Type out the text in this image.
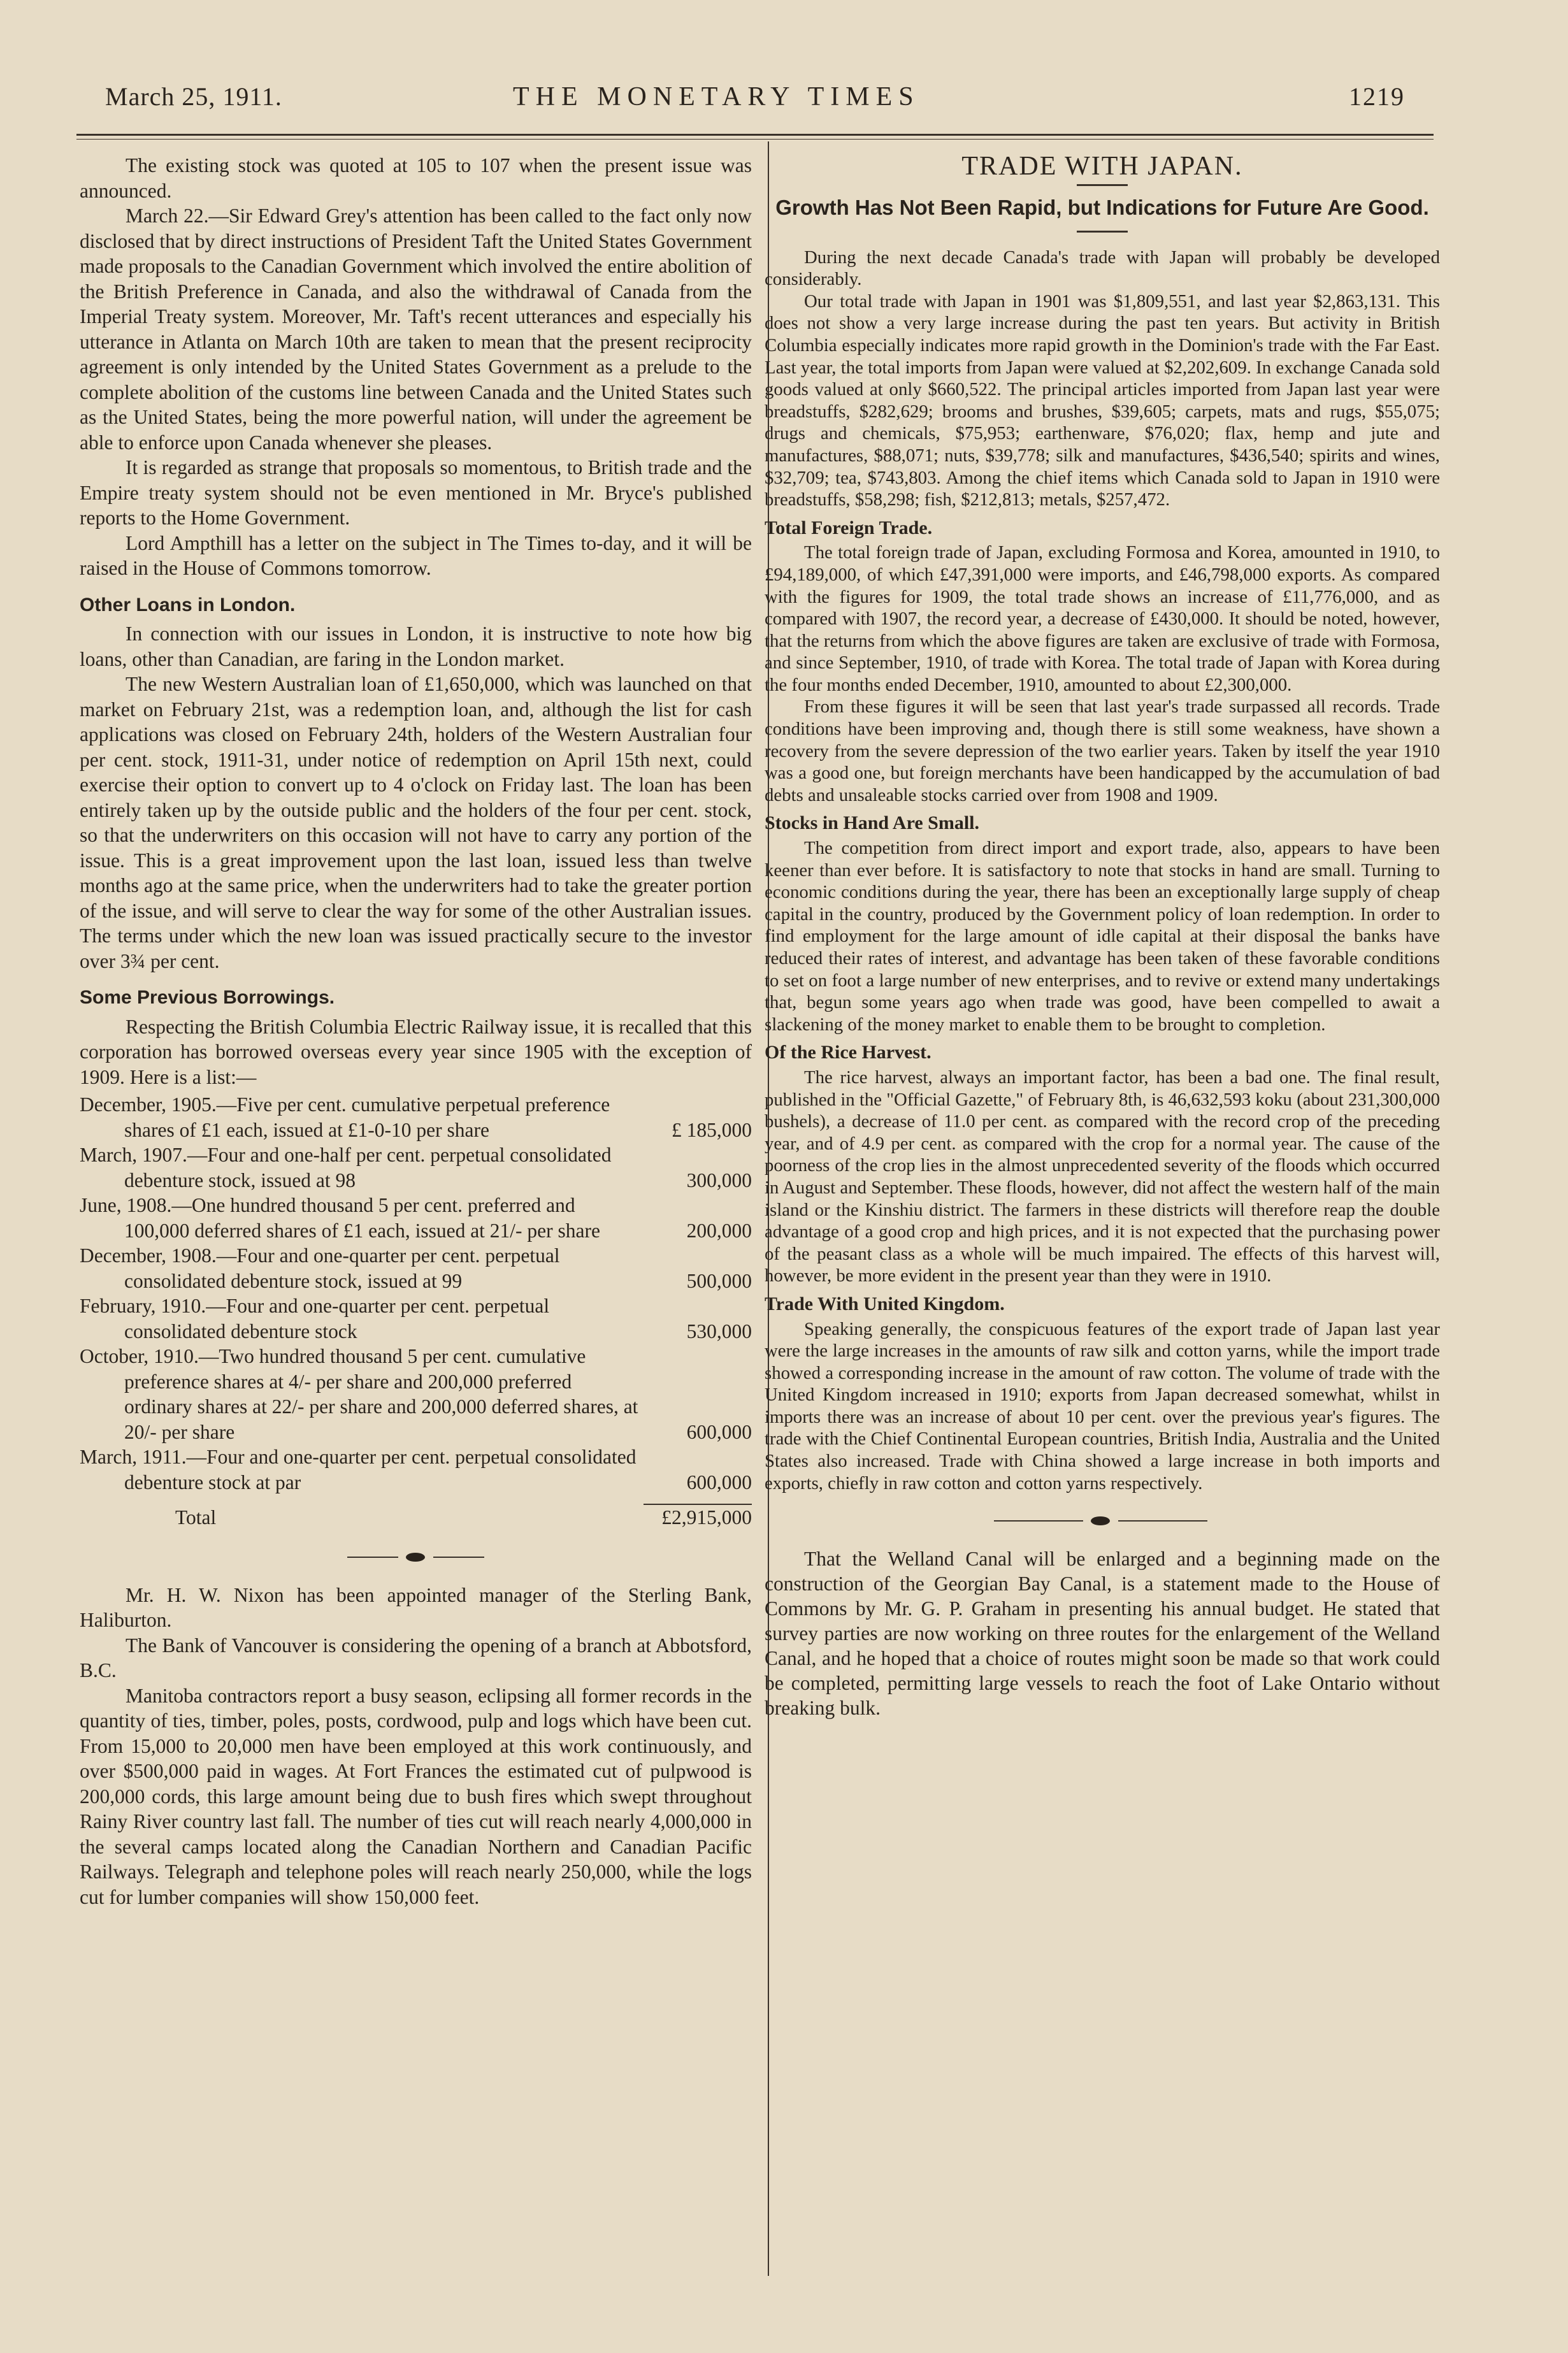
March 25, 1911.	THE MONETARY TIMES	1219

The existing stock was quoted at 105 to 107 when the present issue was announced.

March 22.—Sir Edward Grey's attention has been called to the fact only now disclosed that by direct instructions of President Taft the United States Government made proposals to the Canadian Government which involved the entire abolition of the British Preference in Canada, and also the withdrawal of Canada from the Imperial Treaty system. Moreover, Mr. Taft's recent utterances and especially his utterance in Atlanta on March 10th are taken to mean that the present reciprocity agreement is only intended by the United States Government as a prelude to the complete abolition of the customs line between Canada and the United States such as the United States, being the more powerful nation, will under the agreement be able to enforce upon Canada whenever she pleases.

It is regarded as strange that proposals so momentous, to British trade and the Empire treaty system should not be even mentioned in Mr. Bryce's published reports to the Home Government.

Lord Ampthill has a letter on the subject in The Times to-day, and it will be raised in the House of Commons tomorrow.

Other Loans in London.

In connection with our issues in London, it is instructive to note how big loans, other than Canadian, are faring in the London market.

The new Western Australian loan of £1,650,000, which was launched on that market on February 21st, was a redemption loan, and, although the list for cash applications was closed on February 24th, holders of the Western Australian four per cent. stock, 1911-31, under notice of redemption on April 15th next, could exercise their option to convert up to 4 o'clock on Friday last. The loan has been entirely taken up by the outside public and the holders of the four per cent. stock, so that the underwriters on this occasion will not have to carry any portion of the issue. This is a great improvement upon the last loan, issued less than twelve months ago at the same price, when the underwriters had to take the greater portion of the issue, and will serve to clear the way for some of the other Australian issues. The terms under which the new loan was issued practically secure to the investor over 3¾ per cent.

Some Previous Borrowings.

Respecting the British Columbia Electric Railway issue, it is recalled that this corporation has borrowed overseas every year since 1905 with the exception of 1909. Here is a list:—

December, 1905.—Five per cent. cumulative perpetual preference shares of £1 each, issued at £1-0-10 per share	£ 185,000
March, 1907.—Four and one-half per cent. perpetual consolidated debenture stock, issued at 98	300,000
June, 1908.—One hundred thousand 5 per cent. preferred and 100,000 deferred shares of £1 each, issued at 21/- per share	200,000
December, 1908.—Four and one-quarter per cent. perpetual consolidated debenture stock, issued at 99	500,000
February, 1910.—Four and one-quarter per cent. perpetual consolidated debenture stock	530,000
October, 1910.—Two hundred thousand 5 per cent. cumulative preference shares at 4/- per share and 200,000 preferred ordinary shares at 22/- per share and 200,000 deferred shares, at 20/- per share	600,000
March, 1911.—Four and one-quarter per cent. perpetual consolidated debenture stock at par	600,000
Total	£2,915,000

Mr. H. W. Nixon has been appointed manager of the Sterling Bank, Haliburton.

The Bank of Vancouver is considering the opening of a branch at Abbotsford, B.C.

Manitoba contractors report a busy season, eclipsing all former records in the quantity of ties, timber, poles, posts, cordwood, pulp and logs which have been cut. From 15,000 to 20,000 men have been employed at this work continuously, and over $500,000 paid in wages. At Fort Frances the estimated cut of pulpwood is 200,000 cords, this large amount being due to bush fires which swept throughout Rainy River country last fall. The number of ties cut will reach nearly 4,000,000 in the several camps located along the Canadian Northern and Canadian Pacific Railways. Telegraph and telephone poles will reach nearly 250,000, while the logs cut for lumber companies will show 150,000 feet.

TRADE WITH JAPAN.
Growth Has Not Been Rapid, but Indications for Future Are Good.

During the next decade Canada's trade with Japan will probably be developed considerably.

Our total trade with Japan in 1901 was $1,809,551, and last year $2,863,131. This does not show a very large increase during the past ten years. But activity in British Columbia especially indicates more rapid growth in the Dominion's trade with the Far East. Last year, the total imports from Japan were valued at $2,202,609. In exchange Canada sold goods valued at only $660,522. The principal articles imported from Japan last year were breadstuffs, $282,629; brooms and brushes, $39,605; carpets, mats and rugs, $55,075; drugs and chemicals, $75,953; earthenware, $76,020; flax, hemp and jute and manufactures, $88,071; nuts, $39,778; silk and manufactures, $436,540; spirits and wines, $32,709; tea, $743,803. Among the chief items which Canada sold to Japan in 1910 were breadstuffs, $58,298; fish, $212,813; metals, $257,472.

Total Foreign Trade.

The total foreign trade of Japan, excluding Formosa and Korea, amounted in 1910, to £94,189,000, of which £47,391,000 were imports, and £46,798,000 exports. As compared with the figures for 1909, the total trade shows an increase of £11,776,000, and as compared with 1907, the record year, a decrease of £430,000. It should be noted, however, that the returns from which the above figures are taken are exclusive of trade with Formosa, and since September, 1910, of trade with Korea. The total trade of Japan with Korea during the four months ended December, 1910, amounted to about £2,300,000.

From these figures it will be seen that last year's trade surpassed all records. Trade conditions have been improving and, though there is still some weakness, have shown a recovery from the severe depression of the two earlier years. Taken by itself the year 1910 was a good one, but foreign merchants have been handicapped by the accumulation of bad debts and unsaleable stocks carried over from 1908 and 1909.

Stocks in Hand Are Small.

The competition from direct import and export trade, also, appears to have been keener than ever before. It is satisfactory to note that stocks in hand are small. Turning to economic conditions during the year, there has been an exceptionally large supply of cheap capital in the country, produced by the Government policy of loan redemption. In order to find employment for the large amount of idle capital at their disposal the banks have reduced their rates of interest, and advantage has been taken of these favorable conditions to set on foot a large number of new enterprises, and to revive or extend many undertakings that, begun some years ago when trade was good, have been compelled to await a slackening of the money market to enable them to be brought to completion.

Of the Rice Harvest.

The rice harvest, always an important factor, has been a bad one. The final result, published in the "Official Gazette," of February 8th, is 46,632,593 koku (about 231,300,000 bushels), a decrease of 11.0 per cent. as compared with the record crop of the preceding year, and of 4.9 per cent. as compared with the crop for a normal year. The cause of the poorness of the crop lies in the almost unprecedented severity of the floods which occurred in August and September. These floods, however, did not affect the western half of the main island or the Kinshiu district. The farmers in these districts will therefore reap the double advantage of a good crop and high prices, and it is not expected that the purchasing power of the peasant class as a whole will be much impaired. The effects of this harvest will, however, be more evident in the present year than they were in 1910.

Trade With United Kingdom.

Speaking generally, the conspicuous features of the export trade of Japan last year were the large increases in the amounts of raw silk and cotton yarns, while the import trade showed a corresponding increase in the amount of raw cotton. The volume of trade with the United Kingdom increased in 1910; exports from Japan decreased somewhat, whilst in imports there was an increase of about 10 per cent. over the previous year's figures. The trade with the Chief Continental European countries, British India, Australia and the United States also increased. Trade with China showed a large increase in both imports and exports, chiefly in raw cotton and cotton yarns respectively.

That the Welland Canal will be enlarged and a beginning made on the construction of the Georgian Bay Canal, is a statement made to the House of Commons by Mr. G. P. Graham in presenting his annual budget. He stated that survey parties are now working on three routes for the enlargement of the Welland Canal, and he hoped that a choice of routes might soon be made so that work could be completed, permitting large vessels to reach the foot of Lake Ontario without breaking bulk.
